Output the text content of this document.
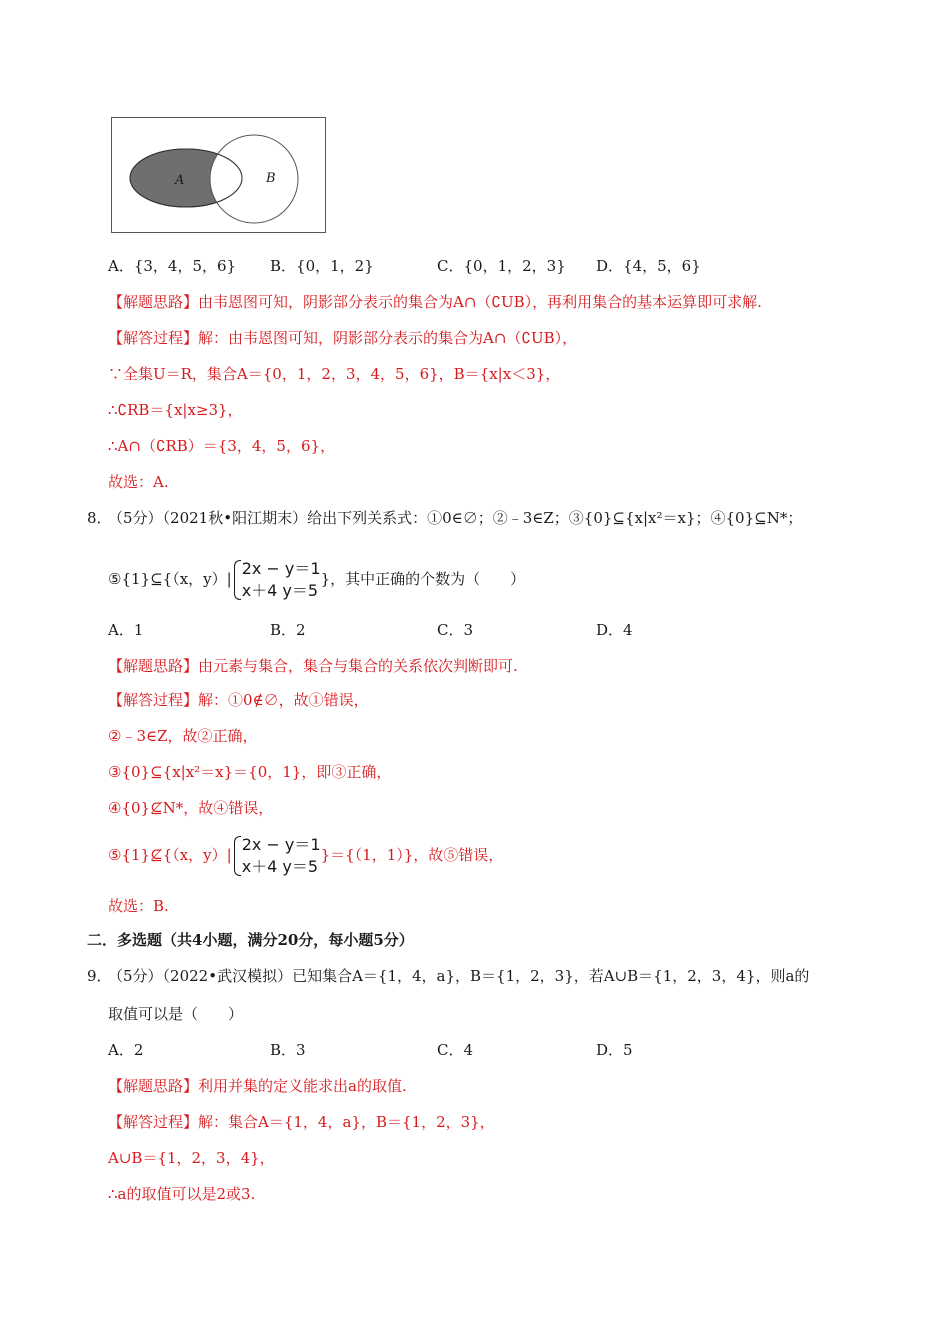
A	B
A．{3，4，5，6} B．{0，1，2}	C．{0，1，2，3} D．{4，5，6}
【解题思路】由韦恩图可知，阴影部分表示的集合为A∩（∁UB），再利用集合的基本运算即可求解.
【解答过程】解：由韦恩图可知，阴影部分表示的集合为A∩（∁UB），
∵全集U＝R，集合A＝{0，1，2，3，4，5，6}，B＝{x|x＜3}，
∴∁RB＝{x|x≥3}，
∴A∩（∁RB）＝{3，4，5，6}，
故选：A.
8．
（5分）（2021秋•阳江期末）给出下列关系式：①0∈∅；②﹣3∈Z；③{0}⊆{x|x²＝x}；④{0}⊆N*；
⑤{1}⊆{（x，y）|
2x − y＝1
x＋4 y＝5
}，其中正确的个数为（　　）
A．1	B．2	C．3	D．4
【解题思路】由元素与集合，集合与集合的关系依次判断即可.
【解答过程】解：①0∉∅，故①错误，
②﹣3∈Z，故②正确，
③{0}⊆{x|x²＝x}＝{0，1}，即③正确，
④{0}⊈N*，故④错误，
⑤{1}⊈{（x，y）|
2x − y＝1
x＋4 y＝5
}＝{（1，1）}，故⑤错误，
故选：B.
二．多选题（共4小题，满分20分，每小题5分）
9．
（5分）（2022•武汉模拟）已知集合A＝{1，4，a}，B＝{1，2，3}，若A∪B＝{1，2，3，4}，则a的
取值可以是（　　）
A．2	B．3	C．4	D．5
【解题思路】利用并集的定义能求出a的取值.
【解答过程】解：集合A＝{1，4，a}，B＝{1，2，3}，
A∪B＝{1，2，3，4}，
∴a的取值可以是2或3.
